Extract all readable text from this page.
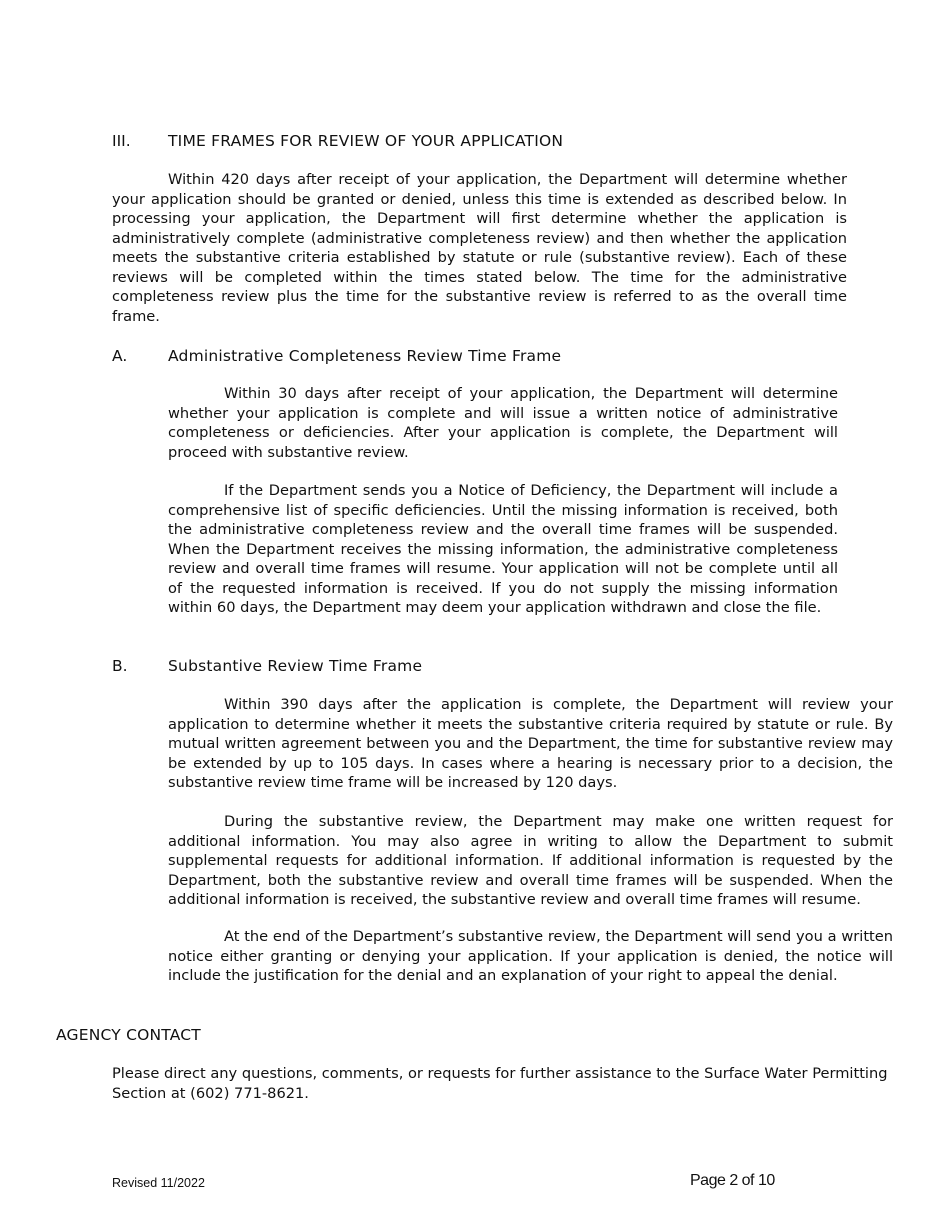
III. TIME FRAMES FOR REVIEW OF YOUR APPLICATION

Within 420 days after receipt of your application, the Department will determine whether your application should be granted or denied, unless this time is extended as described below. In processing your application, the Department will first determine whether the application is administratively complete (administrative completeness review) and then whether the application meets the substantive criteria established by statute or rule (substantive review). Each of these reviews will be completed within the times stated below. The time for the administrative completeness review plus the time for the substantive review is referred to as the overall time frame.

A.	Administrative Completeness Review Time Frame

Within 30 days after receipt of your application, the Department will determine whether your application is complete and will issue a written notice of administrative completeness or deficiencies. After your application is complete, the Department will proceed with substantive review.

If the Department sends you a Notice of Deficiency, the Department will include a comprehensive list of specific deficiencies. Until the missing information is received, both the administrative completeness review and the overall time frames will be suspended. When the Department receives the missing information, the administrative completeness review and overall time frames will resume. Your application will not be complete until all of the requested information is received. If you do not supply the missing information within 60 days, the Department may deem your application withdrawn and close the file.

B.	Substantive Review Time Frame

Within 390 days after the application is complete, the Department will review your application to determine whether it meets the substantive criteria required by statute or rule. By mutual written agreement between you and the Department, the time for substantive review may be extended by up to 105 days. In cases where a hearing is necessary prior to a decision, the substantive review time frame will be increased by 120 days.

During the substantive review, the Department may make one written request for additional information. You may also agree in writing to allow the Department to submit supplemental requests for additional information. If additional information is requested by the Department, both the substantive review and overall time frames will be suspended. When the additional information is received, the substantive review and overall time frames will resume.

At the end of the Department’s substantive review, the Department will send you a written notice either granting or denying your application. If your application is denied, the notice will include the justification for the denial and an explanation of your right to appeal the denial.

AGENCY CONTACT

Please direct any questions, comments, or requests for further assistance to the Surface Water Permitting Section at (602) 771-8621.

Revised 11/2022	Page 2 of 10
